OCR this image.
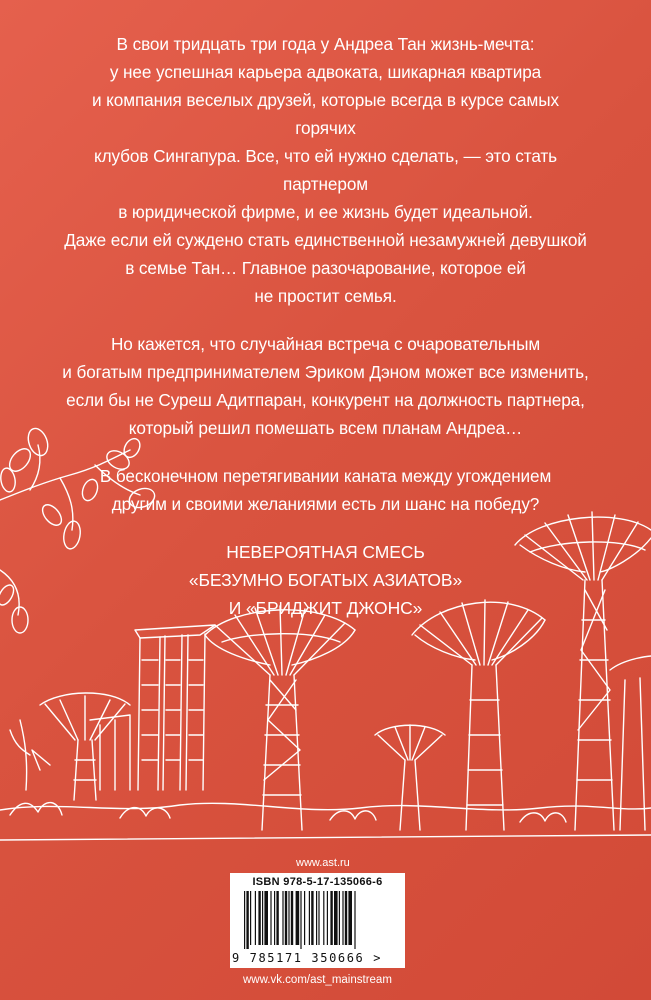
В свои тридцать три года у Андреа Тан жизнь-мечта:
у нее успешная карьера адвоката, шикарная квартира
и компания веселых друзей, которые всегда в курсе самых горячих
клубов Сингапура. Все, что ей нужно сделать, — это стать партнером
в юридической фирме, и ее жизнь будет идеальной.
Даже если ей суждено стать единственной незамужней девушкой
в семье Тан… Главное разочарование, которое ей
не простит семья.

Но кажется, что случайная встреча с очаровательным
и богатым предпринимателем Эриком Дэном может все изменить,
если бы не Суреш Адитпаран, конкурент на должность партнера,
который решил помешать всем планам Андреа…

В бесконечном перетягивании каната между угождением
другим и своими желаниями есть ли шанс на победу?

НЕВЕРОЯТНАЯ СМЕСЬ
«БЕЗУМНО БОГАТЫХ АЗИАТОВ»
И «БРИДЖИТ ДЖОНС»
www.ast.ru
ISBN 978-5-17-135066-6
9 785171 350666 >
www.vk.com/ast_mainstream
